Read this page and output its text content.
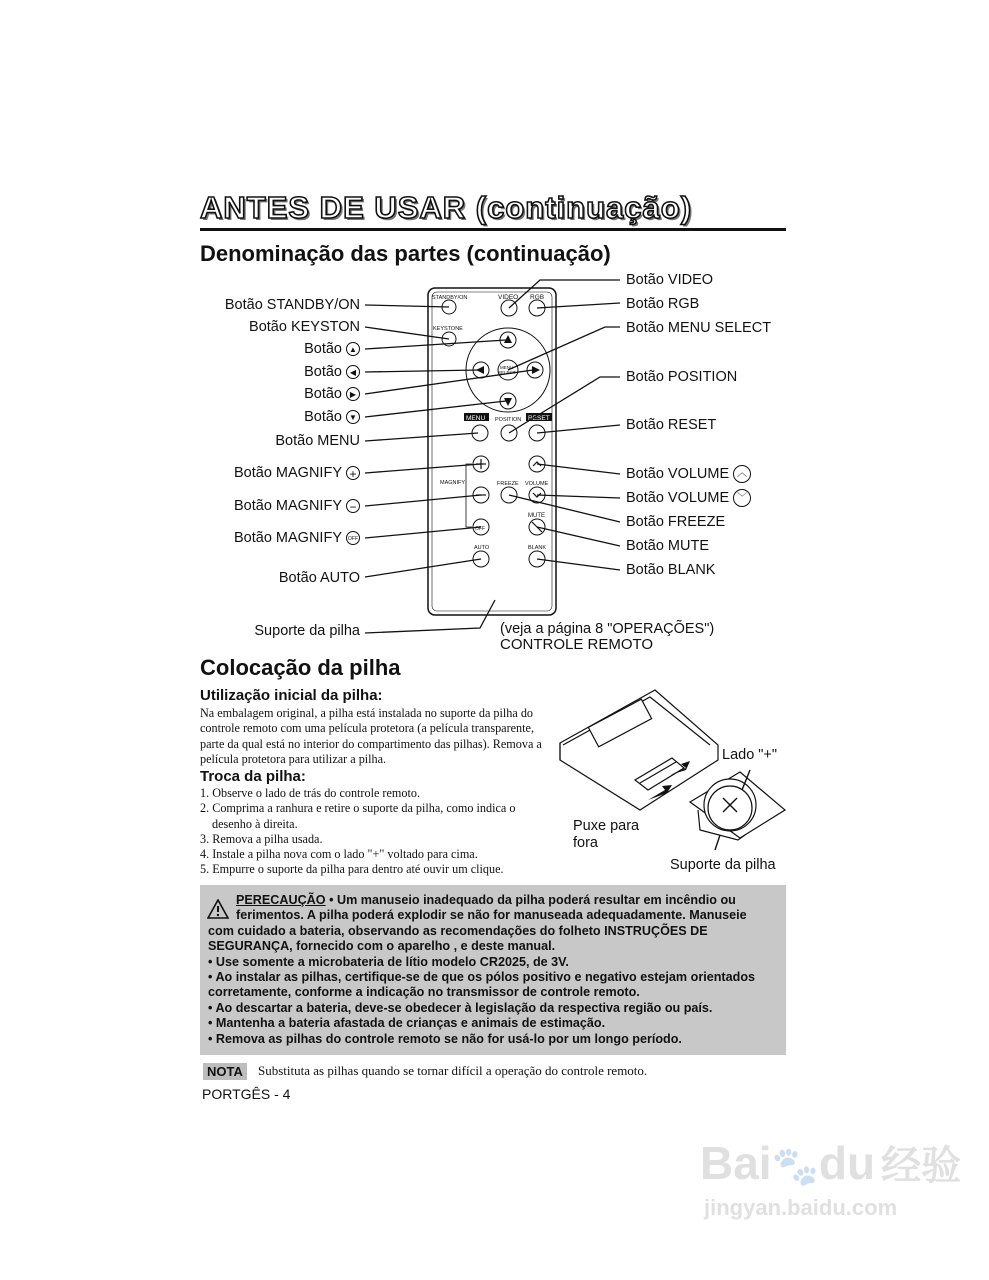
ANTES DE USAR (continuação)
Denominação das partes (continuação)
STANDBY/ON	VIDEO RGB
KEYSTONE
MENU
SELECT
MENU POSITION RESET
MAGNIFY	FREEZE VOLUME
MUTE
OFF
AUTO	BLANK
Botão STANDBY/ON
Botão KEYSTON
Botão ▲
Botão ◀
Botão ▶
Botão ▼
Botão MENU
Botão MAGNIFY +
Botão MAGNIFY −
Botão MAGNIFY OFF
Botão AUTO
Suporte da pilha
Botão VIDEO
Botão RGB
Botão MENU SELECT
Botão POSITION
Botão RESET
Botão VOLUME ︿
Botão VOLUME ﹀
Botão FREEZE
Botão MUTE
Botão BLANK
(veja a página 8 "OPERAÇÕES")
CONTROLE REMOTO
Colocação da pilha
Utilização inicial da pilha:
Na embalagem original, a pilha está instalada no suporte da pilha do controle remoto com uma película protetora (a película transparente, parte da qual está no interior do compartimento das pilhas). Remova a película protetora para utilizar a pilha.
Troca da pilha:
1. Observe o lado de trás do controle remoto.
2. Comprima a ranhura e retire o suporte da pilha, como indica o
desenho à direita.
3. Remova a pilha usada.
4. Instale a pilha nova com o lado "+" voltado para cima.
5. Empurre o suporte da pilha para dentro até ouvir um clique.
Lado "+"
Puxe para
fora
Suporte da pilha
PERECAUÇÃO • Um manuseio inadequado da pilha poderá resultar em incêndio ou
ferimentos. A pilha poderá explodir se não for manuseada adequadamente. Manuseie
com cuidado a bateria, observando as recomendações do folheto INSTRUÇÕES DE
SEGURANÇA, fornecido com o aparelho , e deste manual.
• Use somente a microbateria de lítio modelo CR2025, de 3V.
• Ao instalar as pilhas, certifique-se de que os pólos positivo e negativo estejam orientados
corretamente, conforme a indicação no transmissor de controle remoto.
• Ao descartar a bateria, deve-se obedecer à legislação da respectiva região ou país.
• Mantenha a bateria afastada de crianças e animais de estimação.
• Remova as pilhas do controle remoto se não for usá-lo por um longo período.
NOTA	Substituta as pilhas quando se tornar difícil a operação do controle remoto.
PORTGÊS - 4
Bai🐾du 经验
jingyan.baidu.com
